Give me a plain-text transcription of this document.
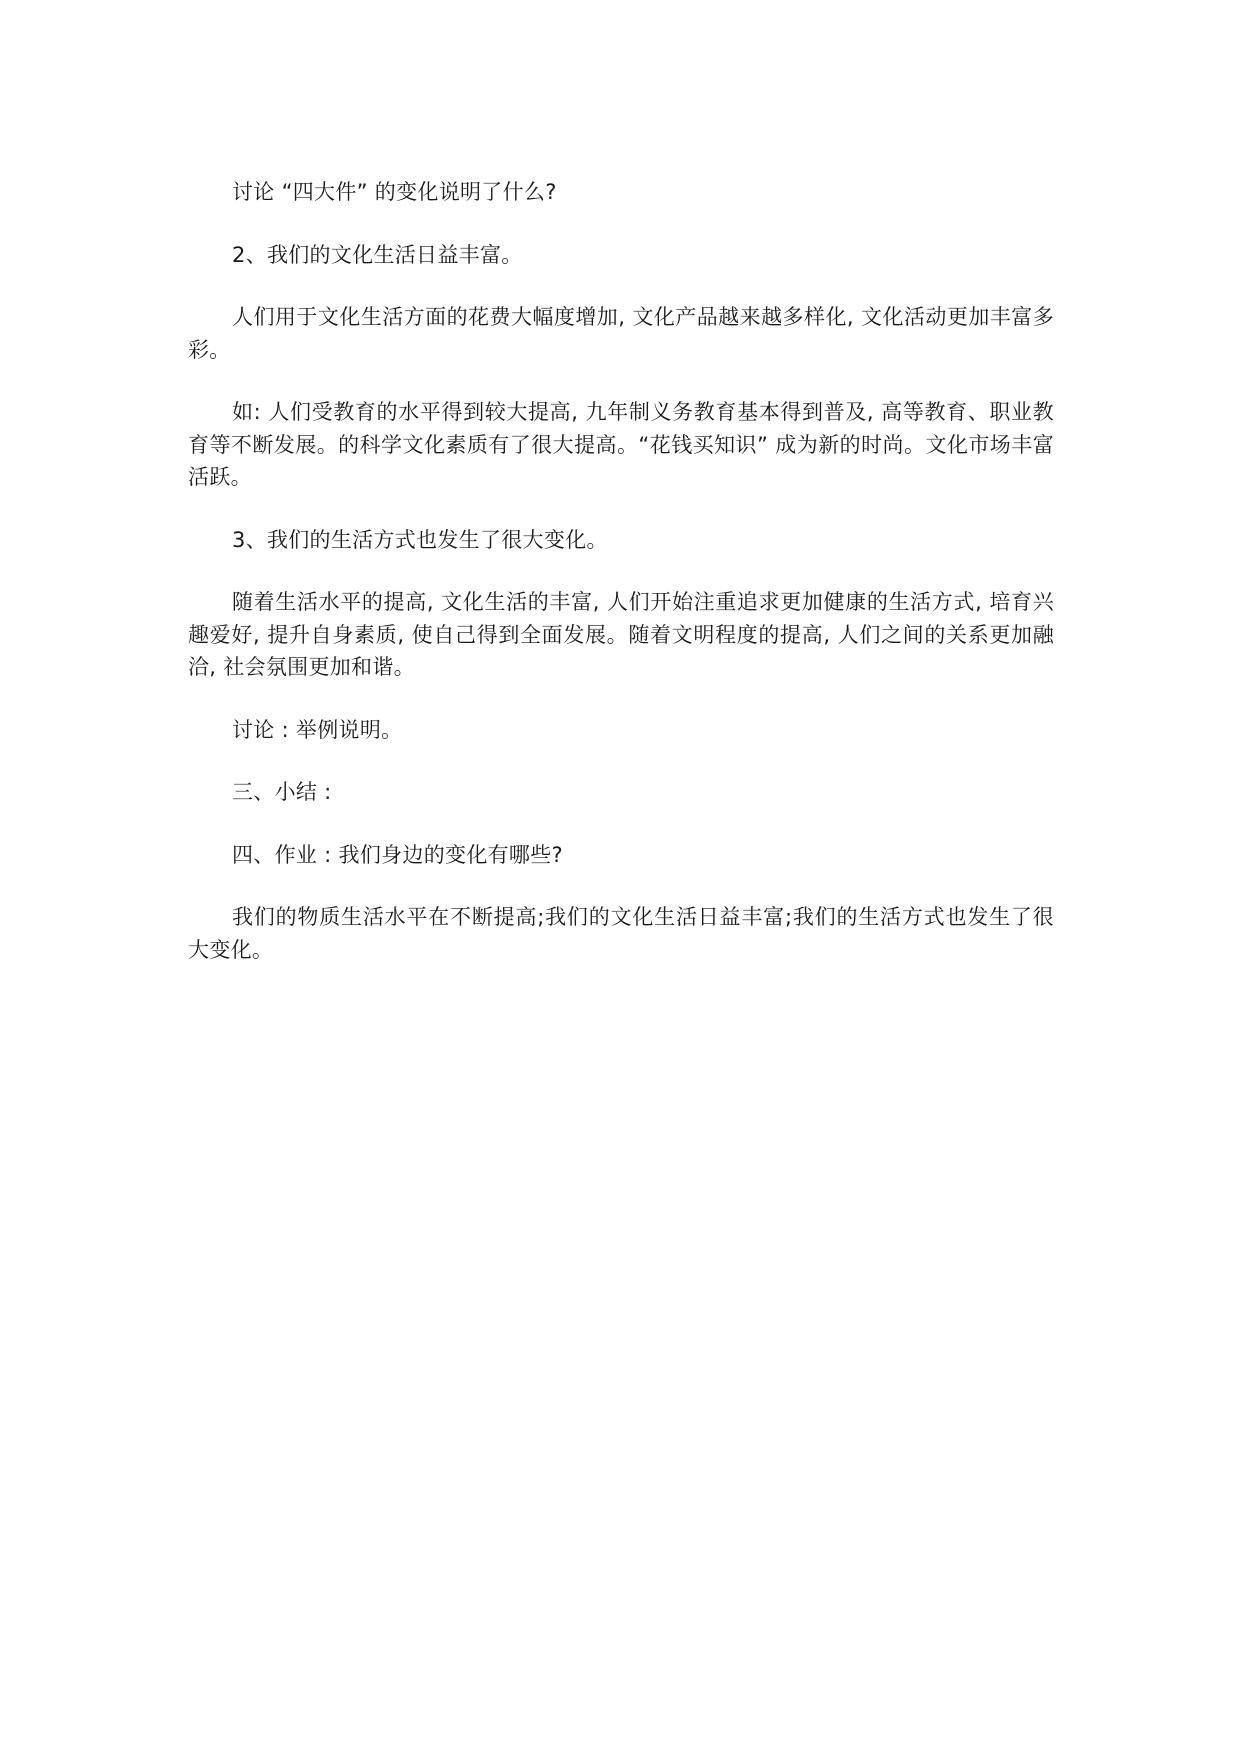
讨论 “四大件” 的变化说明了什么?

2、我们的文化生活日益丰富。

人们用于文化生活方面的花费大幅度增加, 文化产品越来越多样化, 文化活动更加丰富多彩。

如: 人们受教育的水平得到较大提高, 九年制义务教育基本得到普及, 高等教育、职业教育等不断发展。的科学文化素质有了很大提高。“花钱买知识” 成为新的时尚。文化市场丰富活跃。

3、我们的生活方式也发生了很大变化。

随着生活水平的提高, 文化生活的丰富, 人们开始注重追求更加健康的生活方式, 培育兴趣爱好, 提升自身素质, 使自己得到全面发展。随着文明程度的提高, 人们之间的关系更加融洽, 社会氛围更加和谐。

讨论 : 举例说明。

三、小结 :

四、作业 : 我们身边的变化有哪些?

我们的物质生活水平在不断提高;我们的文化生活日益丰富;我们的生活方式也发生了很大变化。
